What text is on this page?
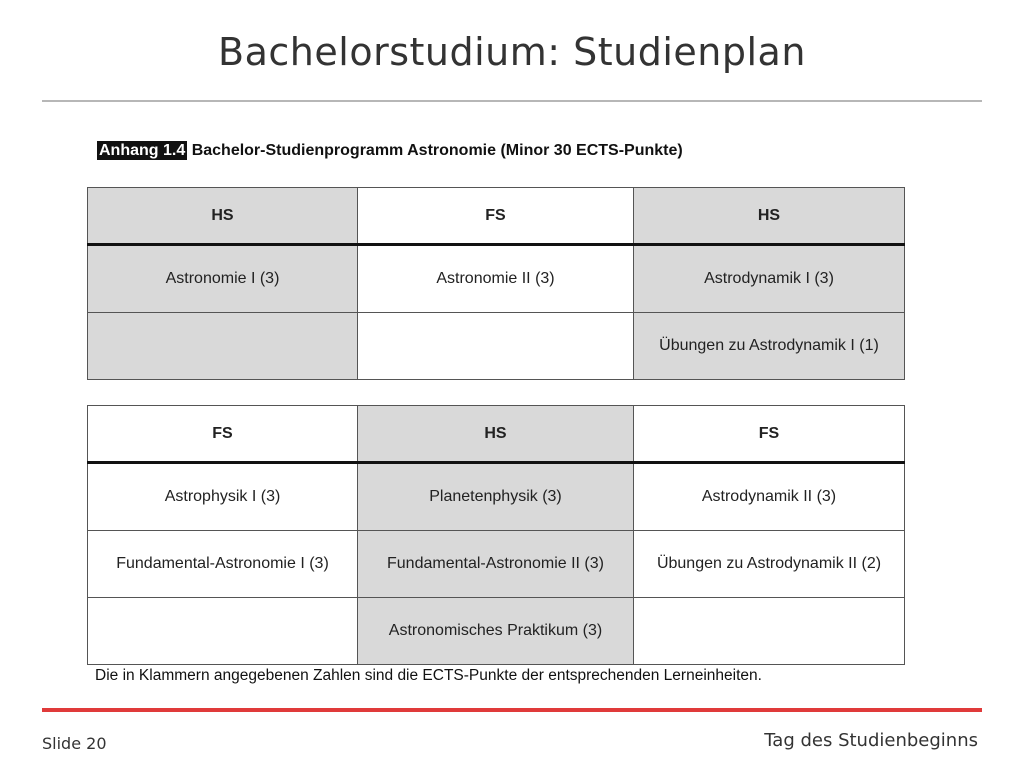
Bachelorstudium: Studienplan
Anhang 1.4 Bachelor-Studienprogramm Astronomie (Minor 30 ECTS-Punkte)
HS	FS	HS
Astronomie I (3)	Astronomie II (3)	Astrodynamik I (3)
		Übungen zu Astrodynamik I (1)
FS	HS	FS
Astrophysik I (3)	Planetenphysik (3)	Astrodynamik II (3)
Fundamental-Astronomie I (3)	Fundamental-Astronomie II (3)	Übungen zu Astrodynamik II (2)
	Astronomisches Praktikum (3)	
Die in Klammern angegebenen Zahlen sind die ECTS-Punkte der entsprechenden Lerneinheiten.
Slide 20	Tag des Studienbeginns
